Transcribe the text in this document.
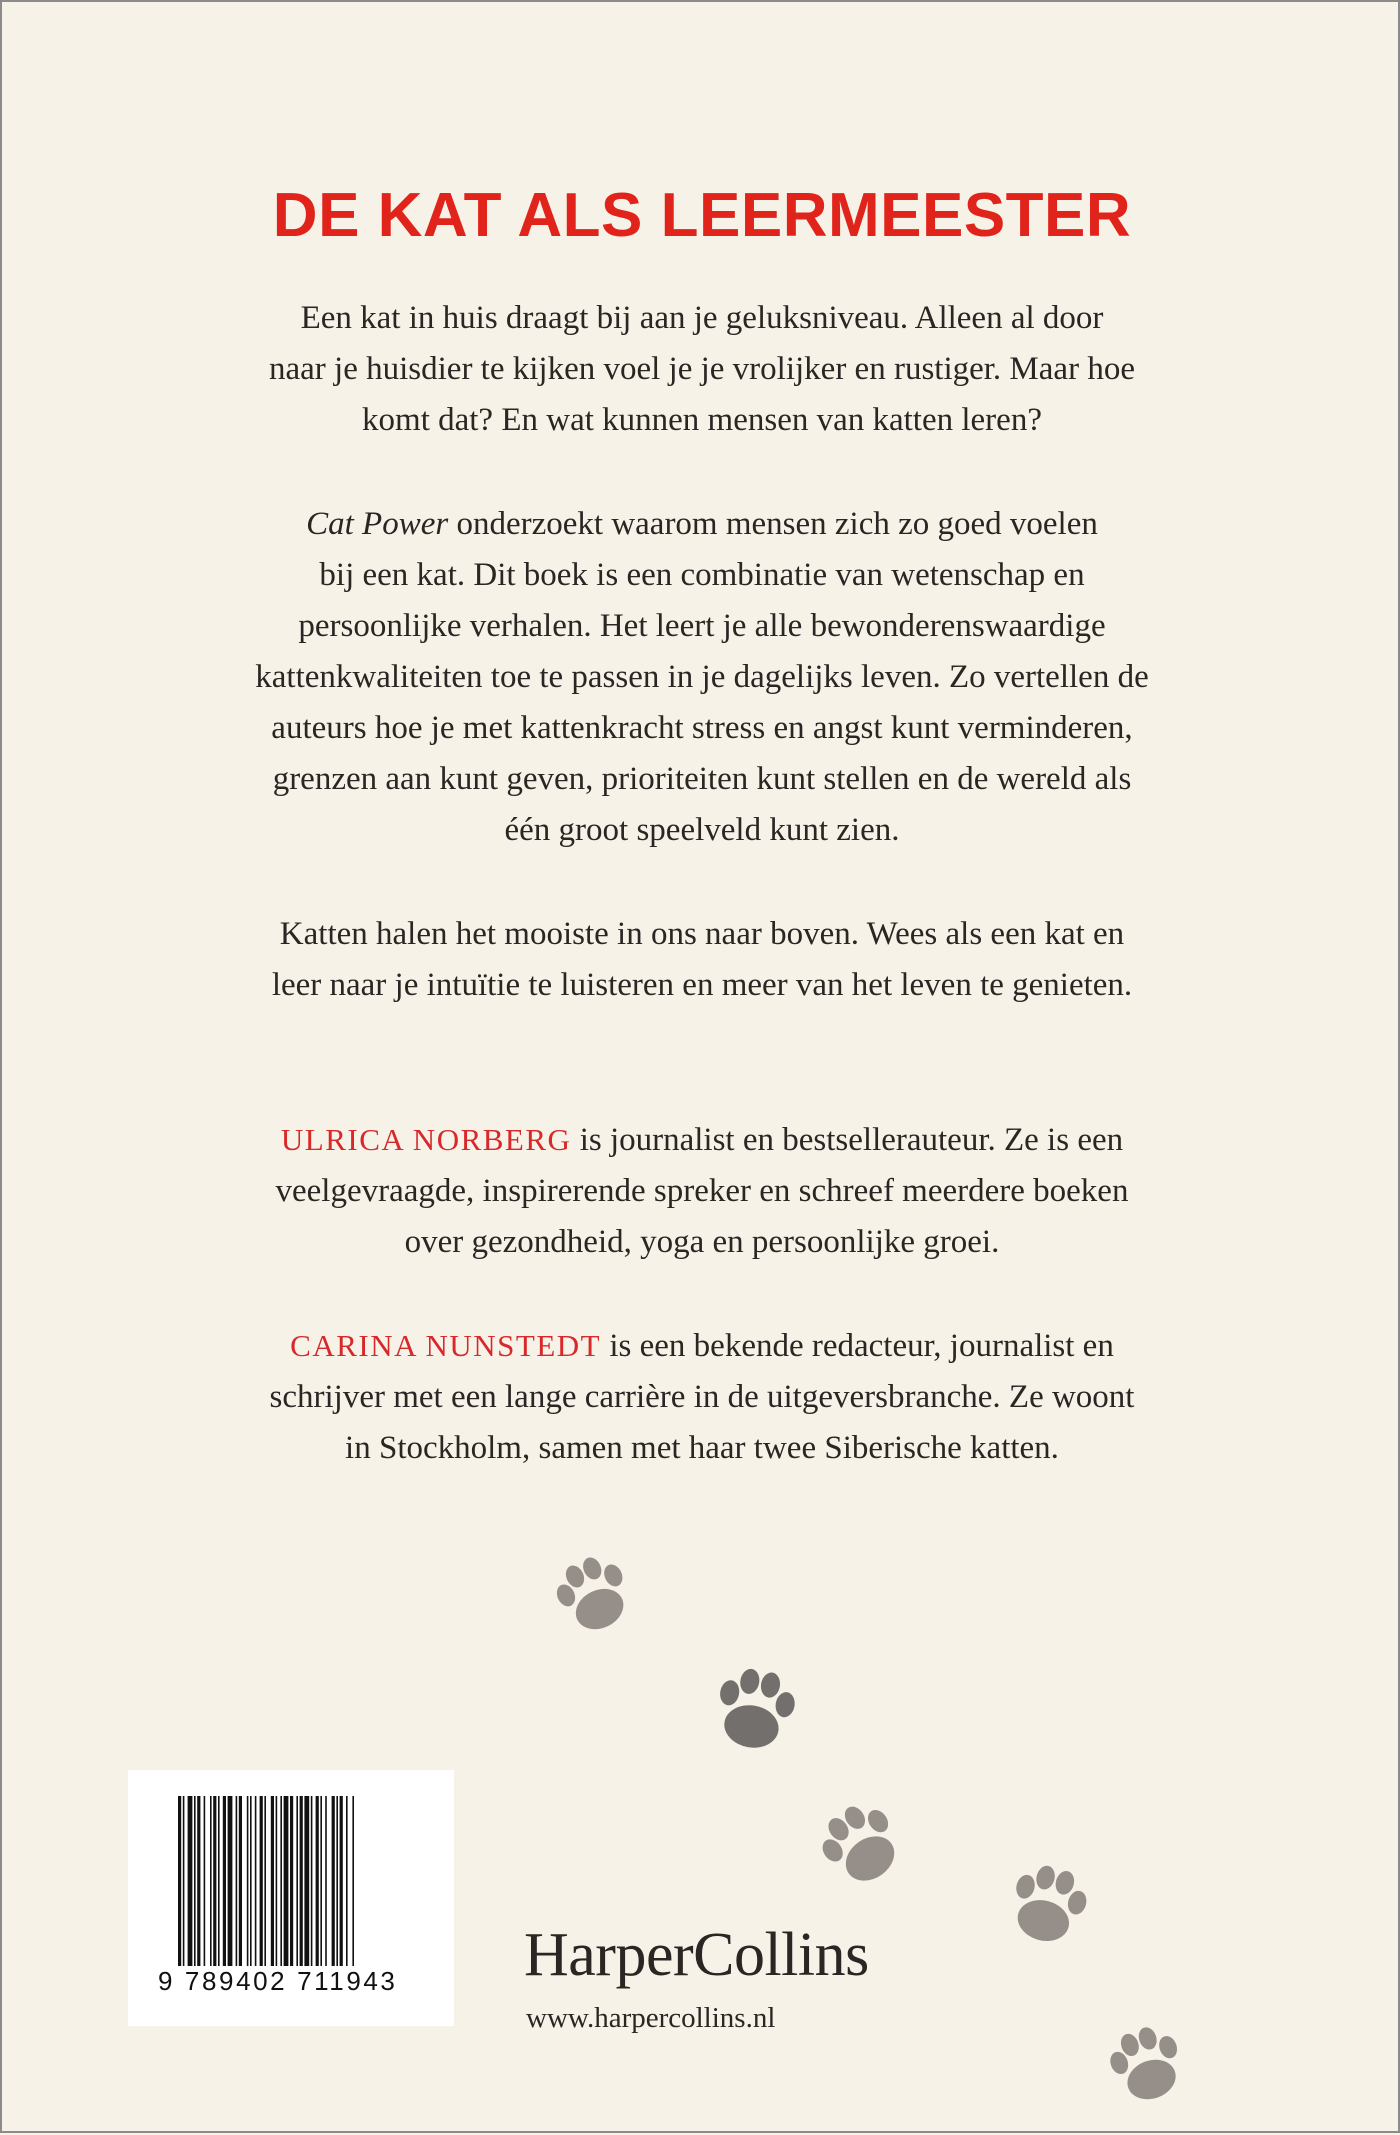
DE KAT ALS LEERMEESTER

Een kat in huis draagt bij aan je geluksniveau. Alleen al door
naar je huisdier te kijken voel je je vrolijker en rustiger. Maar hoe
komt dat? En wat kunnen mensen van katten leren?

Cat Power onderzoekt waarom mensen zich zo goed voelen
bij een kat. Dit boek is een combinatie van wetenschap en
persoonlijke verhalen. Het leert je alle bewonderenswaardige
kattenkwaliteiten toe te passen in je dagelijks leven. Zo vertellen de
auteurs hoe je met kattenkracht stress en angst kunt verminderen,
grenzen aan kunt geven, prioriteiten kunt stellen en de wereld als
één groot speelveld kunt zien.

Katten halen het mooiste in ons naar boven. Wees als een kat en
leer naar je intuïtie te luisteren en meer van het leven te genieten.

ULRICA NORBERG is journalist en bestsellerauteur. Ze is een
veelgevraagde, inspirerende spreker en schreef meerdere boeken
over gezondheid, yoga en persoonlijke groei.

CARINA NUNSTEDT is een bekende redacteur, journalist en
schrijver met een lange carrière in de uitgeversbranche. Ze woont
in Stockholm, samen met haar twee Siberische katten.

9 789402 711943	HarperCollins
www.harpercollins.nl
